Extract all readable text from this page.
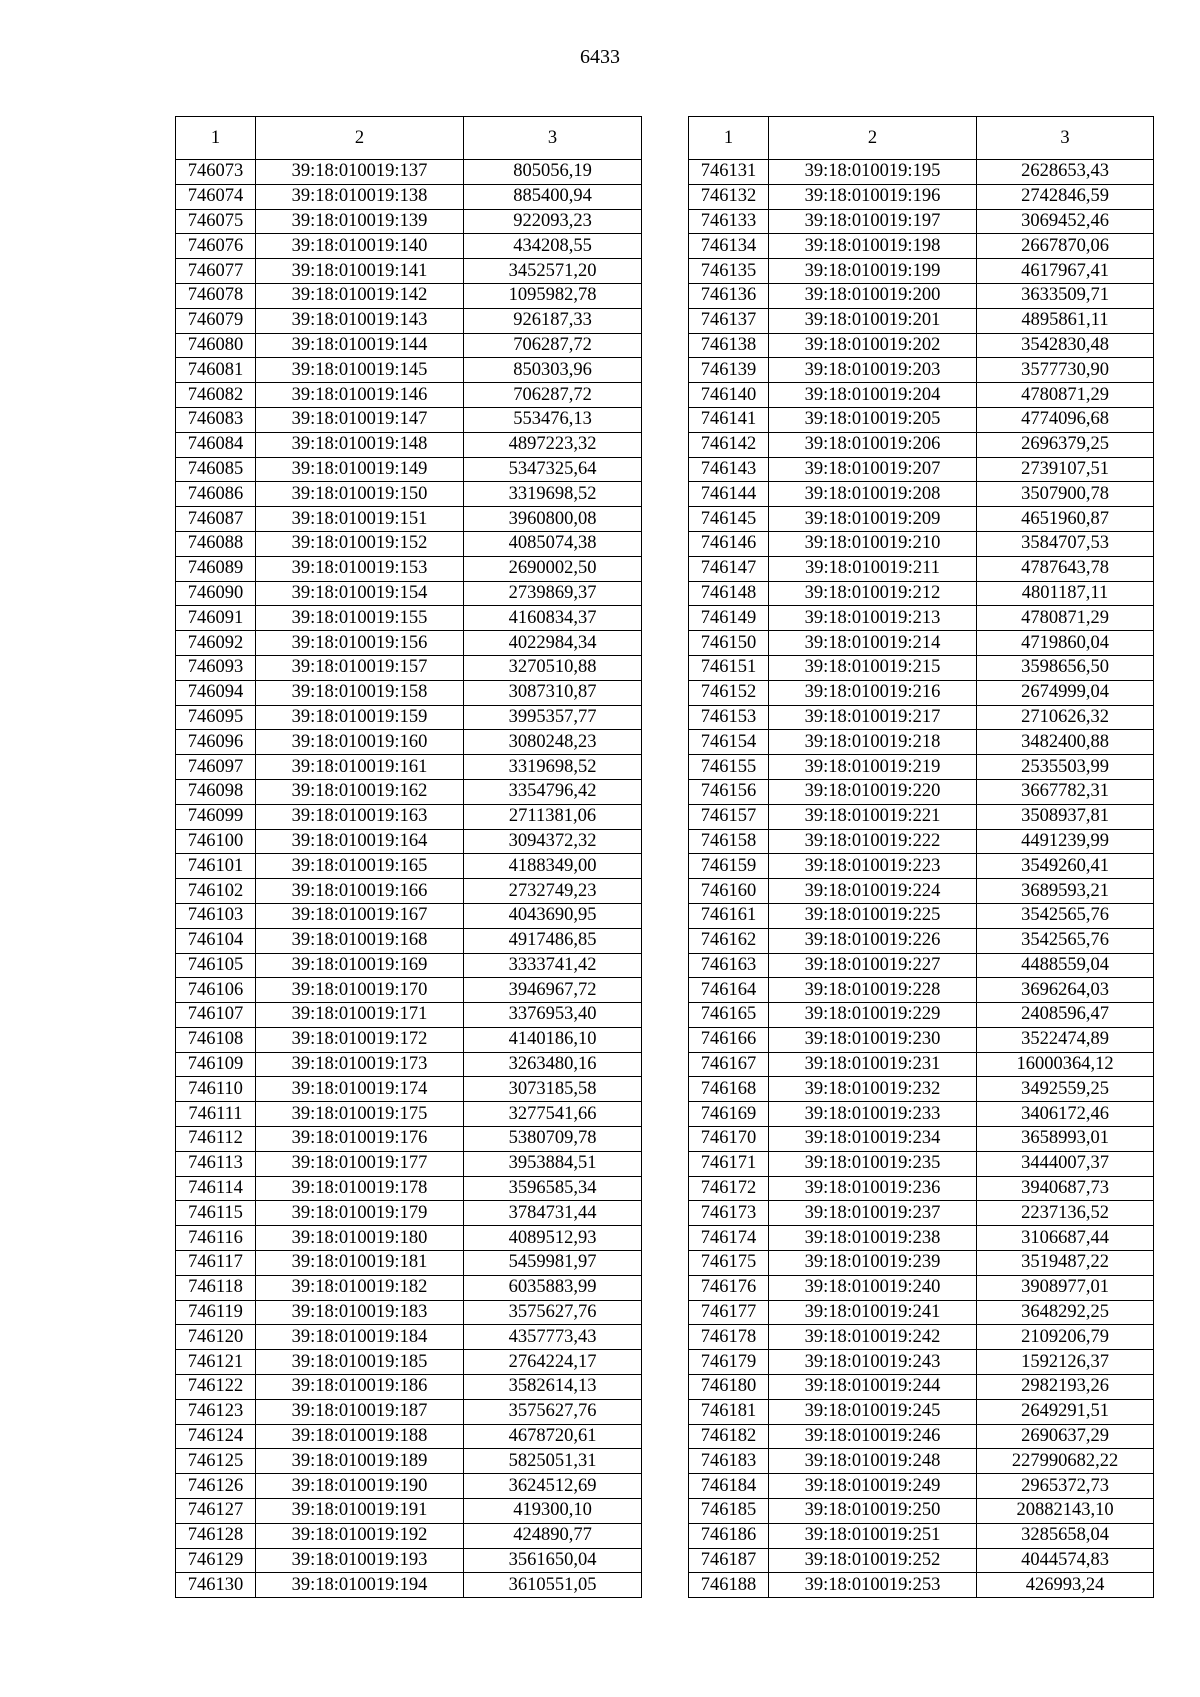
6433
1	2	3
746073	39:18:010019:137	805056,19
746074	39:18:010019:138	885400,94
746075	39:18:010019:139	922093,23
746076	39:18:010019:140	434208,55
746077	39:18:010019:141	3452571,20
746078	39:18:010019:142	1095982,78
746079	39:18:010019:143	926187,33
746080	39:18:010019:144	706287,72
746081	39:18:010019:145	850303,96
746082	39:18:010019:146	706287,72
746083	39:18:010019:147	553476,13
746084	39:18:010019:148	4897223,32
746085	39:18:010019:149	5347325,64
746086	39:18:010019:150	3319698,52
746087	39:18:010019:151	3960800,08
746088	39:18:010019:152	4085074,38
746089	39:18:010019:153	2690002,50
746090	39:18:010019:154	2739869,37
746091	39:18:010019:155	4160834,37
746092	39:18:010019:156	4022984,34
746093	39:18:010019:157	3270510,88
746094	39:18:010019:158	3087310,87
746095	39:18:010019:159	3995357,77
746096	39:18:010019:160	3080248,23
746097	39:18:010019:161	3319698,52
746098	39:18:010019:162	3354796,42
746099	39:18:010019:163	2711381,06
746100	39:18:010019:164	3094372,32
746101	39:18:010019:165	4188349,00
746102	39:18:010019:166	2732749,23
746103	39:18:010019:167	4043690,95
746104	39:18:010019:168	4917486,85
746105	39:18:010019:169	3333741,42
746106	39:18:010019:170	3946967,72
746107	39:18:010019:171	3376953,40
746108	39:18:010019:172	4140186,10
746109	39:18:010019:173	3263480,16
746110	39:18:010019:174	3073185,58
746111	39:18:010019:175	3277541,66
746112	39:18:010019:176	5380709,78
746113	39:18:010019:177	3953884,51
746114	39:18:010019:178	3596585,34
746115	39:18:010019:179	3784731,44
746116	39:18:010019:180	4089512,93
746117	39:18:010019:181	5459981,97
746118	39:18:010019:182	6035883,99
746119	39:18:010019:183	3575627,76
746120	39:18:010019:184	4357773,43
746121	39:18:010019:185	2764224,17
746122	39:18:010019:186	3582614,13
746123	39:18:010019:187	3575627,76
746124	39:18:010019:188	4678720,61
746125	39:18:010019:189	5825051,31
746126	39:18:010019:190	3624512,69
746127	39:18:010019:191	419300,10
746128	39:18:010019:192	424890,77
746129	39:18:010019:193	3561650,04
746130	39:18:010019:194	3610551,05
1	2	3
746131	39:18:010019:195	2628653,43
746132	39:18:010019:196	2742846,59
746133	39:18:010019:197	3069452,46
746134	39:18:010019:198	2667870,06
746135	39:18:010019:199	4617967,41
746136	39:18:010019:200	3633509,71
746137	39:18:010019:201	4895861,11
746138	39:18:010019:202	3542830,48
746139	39:18:010019:203	3577730,90
746140	39:18:010019:204	4780871,29
746141	39:18:010019:205	4774096,68
746142	39:18:010019:206	2696379,25
746143	39:18:010019:207	2739107,51
746144	39:18:010019:208	3507900,78
746145	39:18:010019:209	4651960,87
746146	39:18:010019:210	3584707,53
746147	39:18:010019:211	4787643,78
746148	39:18:010019:212	4801187,11
746149	39:18:010019:213	4780871,29
746150	39:18:010019:214	4719860,04
746151	39:18:010019:215	3598656,50
746152	39:18:010019:216	2674999,04
746153	39:18:010019:217	2710626,32
746154	39:18:010019:218	3482400,88
746155	39:18:010019:219	2535503,99
746156	39:18:010019:220	3667782,31
746157	39:18:010019:221	3508937,81
746158	39:18:010019:222	4491239,99
746159	39:18:010019:223	3549260,41
746160	39:18:010019:224	3689593,21
746161	39:18:010019:225	3542565,76
746162	39:18:010019:226	3542565,76
746163	39:18:010019:227	4488559,04
746164	39:18:010019:228	3696264,03
746165	39:18:010019:229	2408596,47
746166	39:18:010019:230	3522474,89
746167	39:18:010019:231	16000364,12
746168	39:18:010019:232	3492559,25
746169	39:18:010019:233	3406172,46
746170	39:18:010019:234	3658993,01
746171	39:18:010019:235	3444007,37
746172	39:18:010019:236	3940687,73
746173	39:18:010019:237	2237136,52
746174	39:18:010019:238	3106687,44
746175	39:18:010019:239	3519487,22
746176	39:18:010019:240	3908977,01
746177	39:18:010019:241	3648292,25
746178	39:18:010019:242	2109206,79
746179	39:18:010019:243	1592126,37
746180	39:18:010019:244	2982193,26
746181	39:18:010019:245	2649291,51
746182	39:18:010019:246	2690637,29
746183	39:18:010019:248	227990682,22
746184	39:18:010019:249	2965372,73
746185	39:18:010019:250	20882143,10
746186	39:18:010019:251	3285658,04
746187	39:18:010019:252	4044574,83
746188	39:18:010019:253	426993,24
